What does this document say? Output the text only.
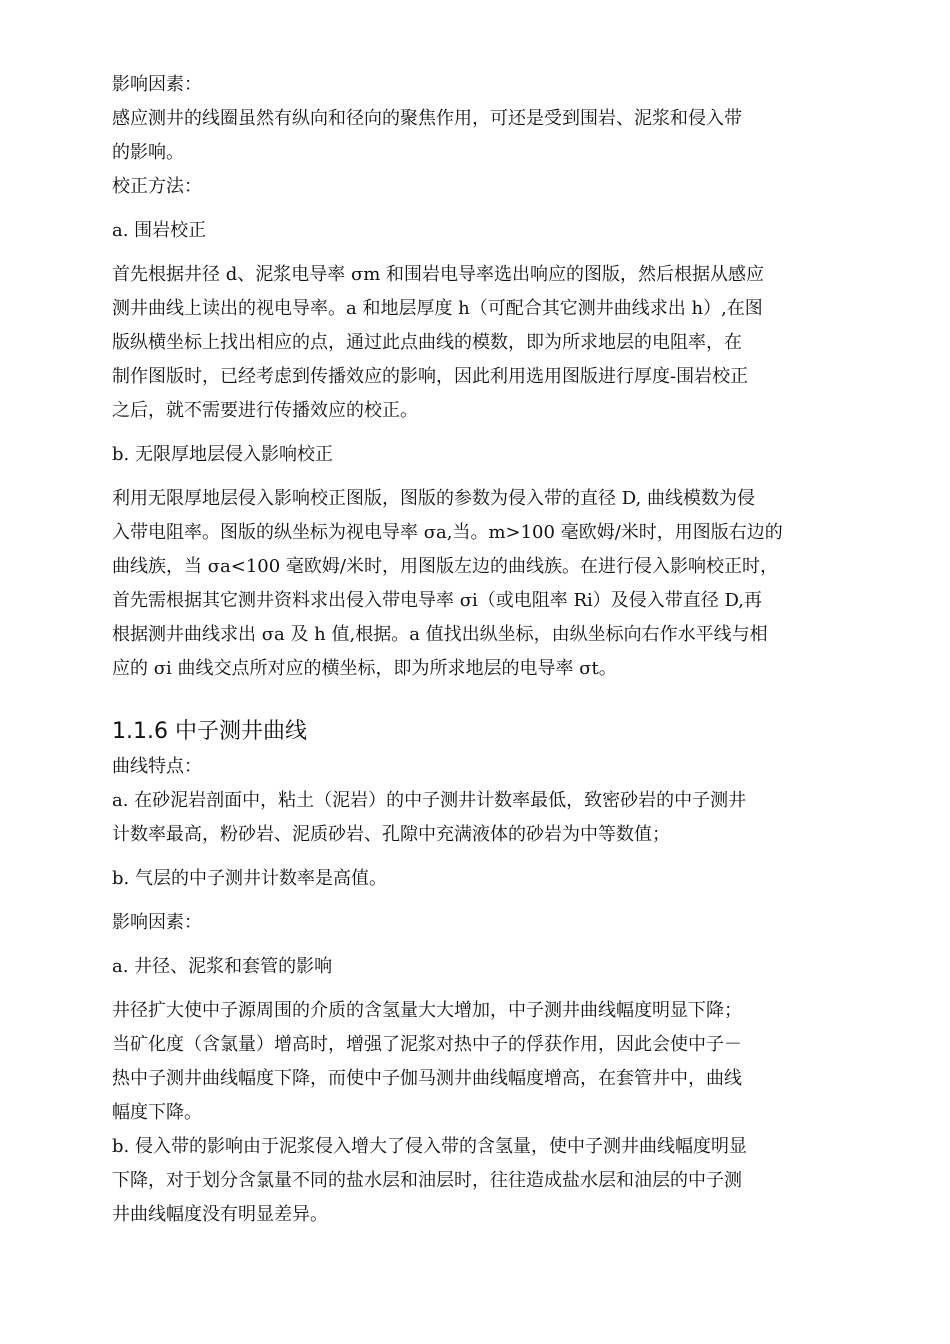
影响因素：
感应测井的线圈虽然有纵向和径向的聚焦作用，可还是受到围岩、泥浆和侵入带
的影响。
校正方法：
a. 围岩校正
首先根据井径 d、泥浆电导率 σm 和围岩电导率选出响应的图版，然后根据从感应
测井曲线上读出的视电导率。a 和地层厚度 h（可配合其它测井曲线求出 h）,在图
版纵横坐标上找出相应的点，通过此点曲线的模数，即为所求地层的电阻率，在
制作图版时，已经考虑到传播效应的影响，因此利用选用图版进行厚度-围岩校正
之后，就不需要进行传播效应的校正。
b. 无限厚地层侵入影响校正
利用无限厚地层侵入影响校正图版，图版的参数为侵入带的直径 D, 曲线模数为侵
入带电阻率。图版的纵坐标为视电导率 σa,当。m>100 毫欧姆/米时，用图版右边的
曲线族，当 σa<100 毫欧姆/米时，用图版左边的曲线族。在进行侵入影响校正时，
首先需根据其它测井资料求出侵入带电导率 σi（或电阻率 Ri）及侵入带直径 D,再
根据测井曲线求出 σa 及 h 值,根据。a 值找出纵坐标，由纵坐标向右作水平线与相
应的 σi 曲线交点所对应的横坐标，即为所求地层的电导率 σt。
1.1.6 中子测井曲线
曲线特点：
a. 在砂泥岩剖面中，粘土（泥岩）的中子测井计数率最低，致密砂岩的中子测井
计数率最高，粉砂岩、泥质砂岩、孔隙中充满液体的砂岩为中等数值；
b. 气层的中子测井计数率是高值。
影响因素：
a. 井径、泥浆和套管的影响
井径扩大使中子源周围的介质的含氢量大大增加，中子测井曲线幅度明显下降；
当矿化度（含氯量）增高时，增强了泥浆对热中子的俘获作用，因此会使中子－
热中子测井曲线幅度下降，而使中子伽马测井曲线幅度增高，在套管井中，曲线
幅度下降。
b. 侵入带的影响由于泥浆侵入增大了侵入带的含氢量，使中子测井曲线幅度明显
下降，对于划分含氯量不同的盐水层和油层时，往往造成盐水层和油层的中子测
井曲线幅度没有明显差异。
